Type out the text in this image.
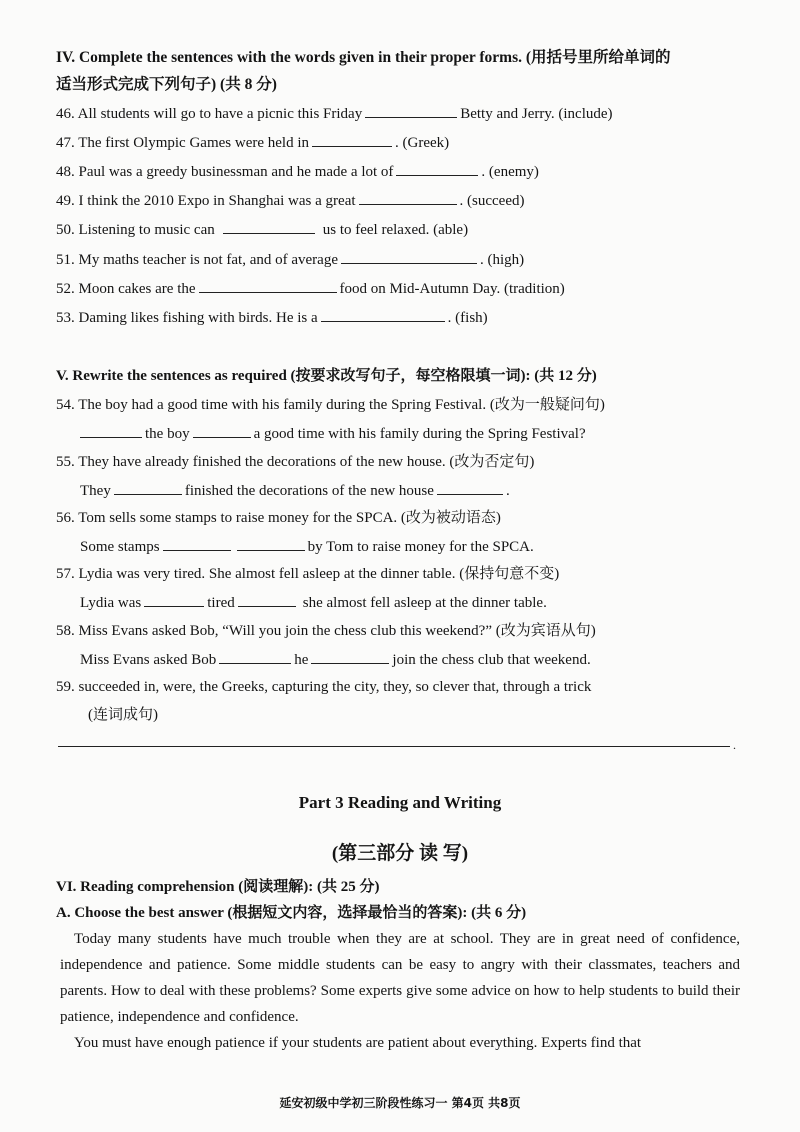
IV. Complete the sentences with the words given in their proper forms. (用括号里所给单词的
适当形式完成下列句子) (共 8 分)
46. All students will go to have a picnic this Friday	Betty and Jerry. (include)
47. The first Olympic Games were held in	. (Greek)
48. Paul was a greedy businessman and he made a lot of	. (enemy)
49. I think the 2010 Expo in Shanghai was a great	. (succeed)
50. Listening to music can	us to feel relaxed. (able)
51. My maths teacher is not fat, and of average	. (high)
52. Moon cakes are the	food on Mid-Autumn Day. (tradition)
53. Daming likes fishing with birds. He is a	. (fish)
V. Rewrite the sentences as required (按要求改写句子，每空格限填一词): (共 12 分)
54. The boy had a good time with his family during the Spring Festival. (改为一般疑问句)
the boy	a good time with his family during the Spring Festival?
55. They have already finished the decorations of the new house. (改为否定句)
They	finished the decorations of the new house	.
56. Tom sells some stamps to raise money for the SPCA. (改为被动语态)
Some stamps	by Tom to raise money for the SPCA.
57. Lydia was very tired. She almost fell asleep at the dinner table. (保持句意不变)
Lydia was	tired	she almost fell asleep at the dinner table.
58. Miss Evans asked Bob, “Will you join the chess club this weekend?” (改为宾语从句)
Miss Evans asked Bob	he	join the chess club that weekend.
59. succeeded in, were, the Greeks, capturing the city, they, so clever that, through a trick
(连词成句)
.
Part 3 Reading and Writing
(第三部分 读 写)
VI. Reading comprehension (阅读理解): (共 25 分)
A. Choose the best answer (根据短文内容，选择最恰当的答案): (共 6 分)
Today many students have much trouble when they are at school. They are in great need of confidence, independence and patience. Some middle students can be easy to angry with their classmates, teachers and parents. How to deal with these problems? Some experts give some advice on how to help students to build their patience, independence and confidence.
You must have enough patience if your students are patient about everything. Experts find that
延安初级中学初三阶段性练习一 第4页 共8页
